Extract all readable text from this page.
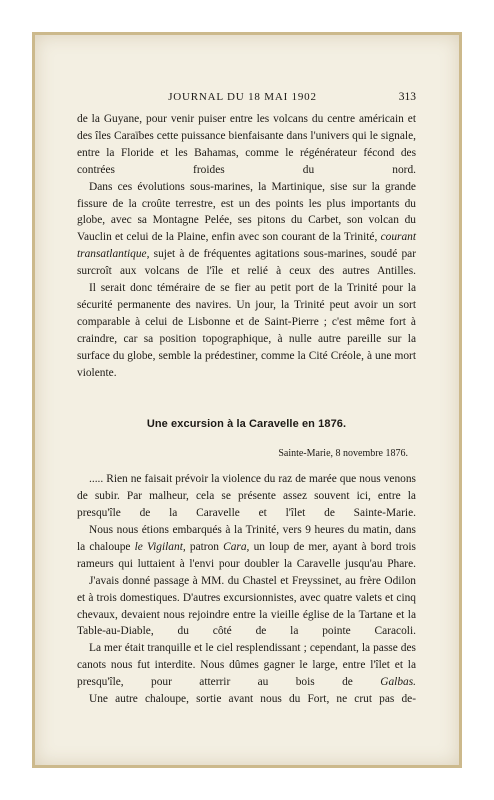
JOURNAL DU 18 MAI 1902	313

de la Guyane, pour venir puiser entre les volcans du centre américain et des îles Caraïbes cette puissance bienfaisante dans l'univers qui le signale, entre la Floride et les Bahamas, comme le régénérateur fécond des contrées froides du nord.

Dans ces évolutions sous-marines, la Martinique, sise sur la grande fissure de la croûte terrestre, est un des points les plus importants du globe, avec sa Montagne Pelée, ses pitons du Carbet, son volcan du Vauclin et celui de la Plaine, enfin avec son courant de la Trinité, courant transatlantique, sujet à de fréquentes agitations sous-marines, soudé par surcroît aux volcans de l'île et relié à ceux des autres Antilles.

Il serait donc téméraire de se fier au petit port de la Trinité pour la sécurité permanente des navires. Un jour, la Trinité peut avoir un sort comparable à celui de Lisbonne et de Saint-Pierre ; c'est même fort à craindre, car sa position topographique, à nulle autre pareille sur la surface du globe, semble la prédestiner, comme la Cité Créole, à une mort violente.

Une excursion à la Caravelle en 1876.
Sainte-Marie, 8 novembre 1876.

..... Rien ne faisait prévoir la violence du raz de marée que nous venons de subir. Par malheur, cela se présente assez souvent ici, entre la presqu'île de la Caravelle et l'îlet de Sainte-Marie.

Nous nous étions embarqués à la Trinité, vers 9 heures du matin, dans la chaloupe le Vigilant, patron Cara, un loup de mer, ayant à bord trois rameurs qui luttaient à l'envi pour doubler la Caravelle jusqu'au Phare.

J'avais donné passage à MM. du Chastel et Freyssinet, au frère Odilon et à trois domestiques. D'autres excursionnistes, avec quatre valets et cinq chevaux, devaient nous rejoindre entre la vieille église de la Tartane et la Table-au-Diable, du côté de la pointe Caracoli.

La mer était tranquille et le ciel resplendissant ; cependant, la passe des canots nous fut interdite. Nous dûmes gagner le large, entre l'îlet et la presqu'île, pour atterrir au bois de Galbas.

Une autre chaloupe, sortie avant nous du Fort, ne crut pas de-
